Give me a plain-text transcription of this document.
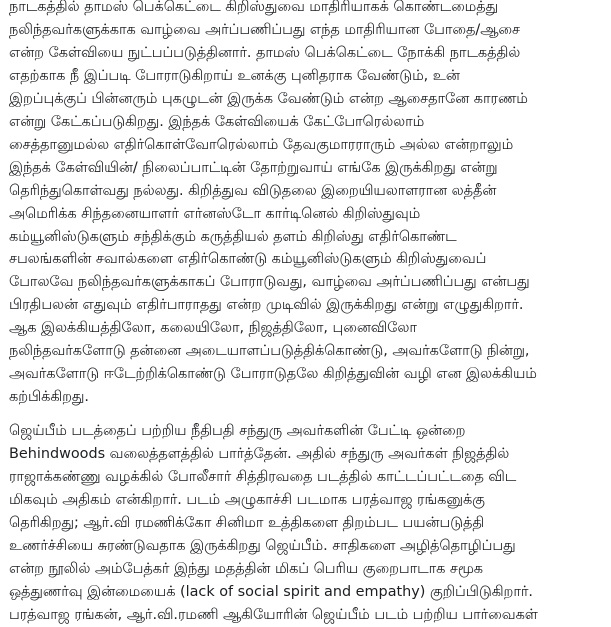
நாடகத்தில் தாமஸ் பெக்கெட்டை கிறிஸ்துவை மாதிரியாகக் கொண்டமைத்து
நலிந்தவர்களுக்காக வாழ்வை அர்ப்பணிப்பது எந்த மாதிரியான போதை/ஆசை
என்ற கேள்வியை நுட்பப்படுத்தினார். தாமஸ் பெக்கெட்டை நோக்கி நாடகத்தில்
எதற்காக நீ இப்படி போராடுகிறாய் உனக்கு புனிதராக வேண்டும், உன்
இறப்புக்குப் பின்னரும் புகழுடன் இருக்க வேண்டும் என்ற ஆசைதானே காரணம்
என்று கேட்கப்படுகிறது. இந்தக் கேள்வியைக் கேட்போரெல்லாம்
சைத்தானுமல்ல எதிர்கொள்வோரெல்லாம் தேவகுமாரராரும் அல்ல என்றாலும்
இந்தக் கேள்வியின்/ நிலைப்பாட்டின் தோற்றுவாய் எங்கே இருக்கிறது என்று
தெரிந்துகொள்வது நல்லது. கிறித்துவ விடுதலை இறையியலாளரான லத்தீன்
அமெரிக்க சிந்தனையாளர் எர்னஸ்டோ கார்டினெல் கிறிஸ்துவும்
கம்யூனிஸ்டுகளும் சந்திக்கும் கருத்தியல் தளம் கிறிஸ்து எதிர்கொண்ட
சபலங்களின் சவால்களை எதிர்கொண்டு கம்யூனிஸ்டுகளும் கிறிஸ்துவைப்
போலவே நலிந்தவர்களுக்காகப் போராடுவது, வாழ்வை அர்ப்பணிப்பது என்பது
பிரதிபலன் எதுவும் எதிர்பாராதது என்ற முடிவில் இருக்கிறது என்று எழுதுகிறார்.
ஆக இலக்கியத்திலோ, கலையிலோ, நிஜத்திலோ, புனைவிலோ
நலிந்தவர்களோடு தன்னை அடையாளப்படுத்திக்கொண்டு, அவர்களோடு நின்று,
அவர்களோடு ஈடேற்றிக்கொண்டு போராடுதலே கிறித்துவின் வழி என இலக்கியம்
கற்பிக்கிறது.

ஜெய்பீம் படத்தைப் பற்றிய நீதிபதி சந்துரு அவர்களின் பேட்டி ஒன்றை
Behindwoods வலைத்தளத்தில் பார்த்தேன். அதில் சந்துரு அவர்கள் நிஜத்தில்
ராஜாக்கண்ணு வழக்கில் போலீசார் சித்திரவதை படத்தில் காட்டப்பட்டதை விட
மிகவும் அதிகம் என்கிறார். படம் அழுகாச்சி படமாக பரத்வாஜ ரங்கனுக்கு
தெரிகிறது; ஆர்.வி ரமணிக்கோ சினிமா உத்திகளை திறம்பட பயன்படுத்தி
உணர்ச்சியை சுரண்டுவதாக இருக்கிறது ஜெய்பீம். சாதிகளை அழித்தொழிப்பது
என்ற நூலில் அம்பேத்கர் இந்து மதத்தின் மிகப் பெரிய குறைபாடாக சமூக
ஒத்துணர்வு இன்மையைக் (lack of social spirit and empathy) குறிப்பிடுகிறார்.
பரத்வாஜ ரங்கன், ஆர்.வி.ரமணி ஆகியோரின் ஜெய்பீம் படம் பற்றிய பார்வைகள்
